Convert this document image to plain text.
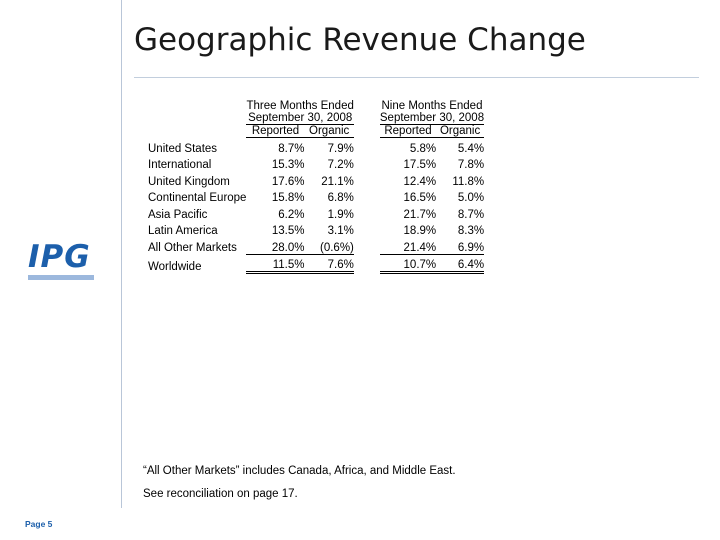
Geographic Revenue Change
IPG
	Three Months Ended			Nine Months Ended	
	September 30, 2008			September 30, 2008	
	Reported	Organic		Reported	Organic
United States	8.7%	7.9%		5.8%	5.4%
International	15.3%	7.2%		17.5%	7.8%
United Kingdom	17.6%	21.1%		12.4%	11.8%
Continental Europe	15.8%	6.8%		16.5%	5.0%
Asia Pacific	6.2%	1.9%		21.7%	8.7%
Latin America	13.5%	3.1%		18.9%	8.3%
All Other Markets	28.0%	(0.6%)		21.4%	6.9%
Worldwide	11.5%	7.6%		10.7%	6.4%
“All Other Markets” includes Canada, Africa, and Middle East.
See reconciliation on page 17.
Page 5
